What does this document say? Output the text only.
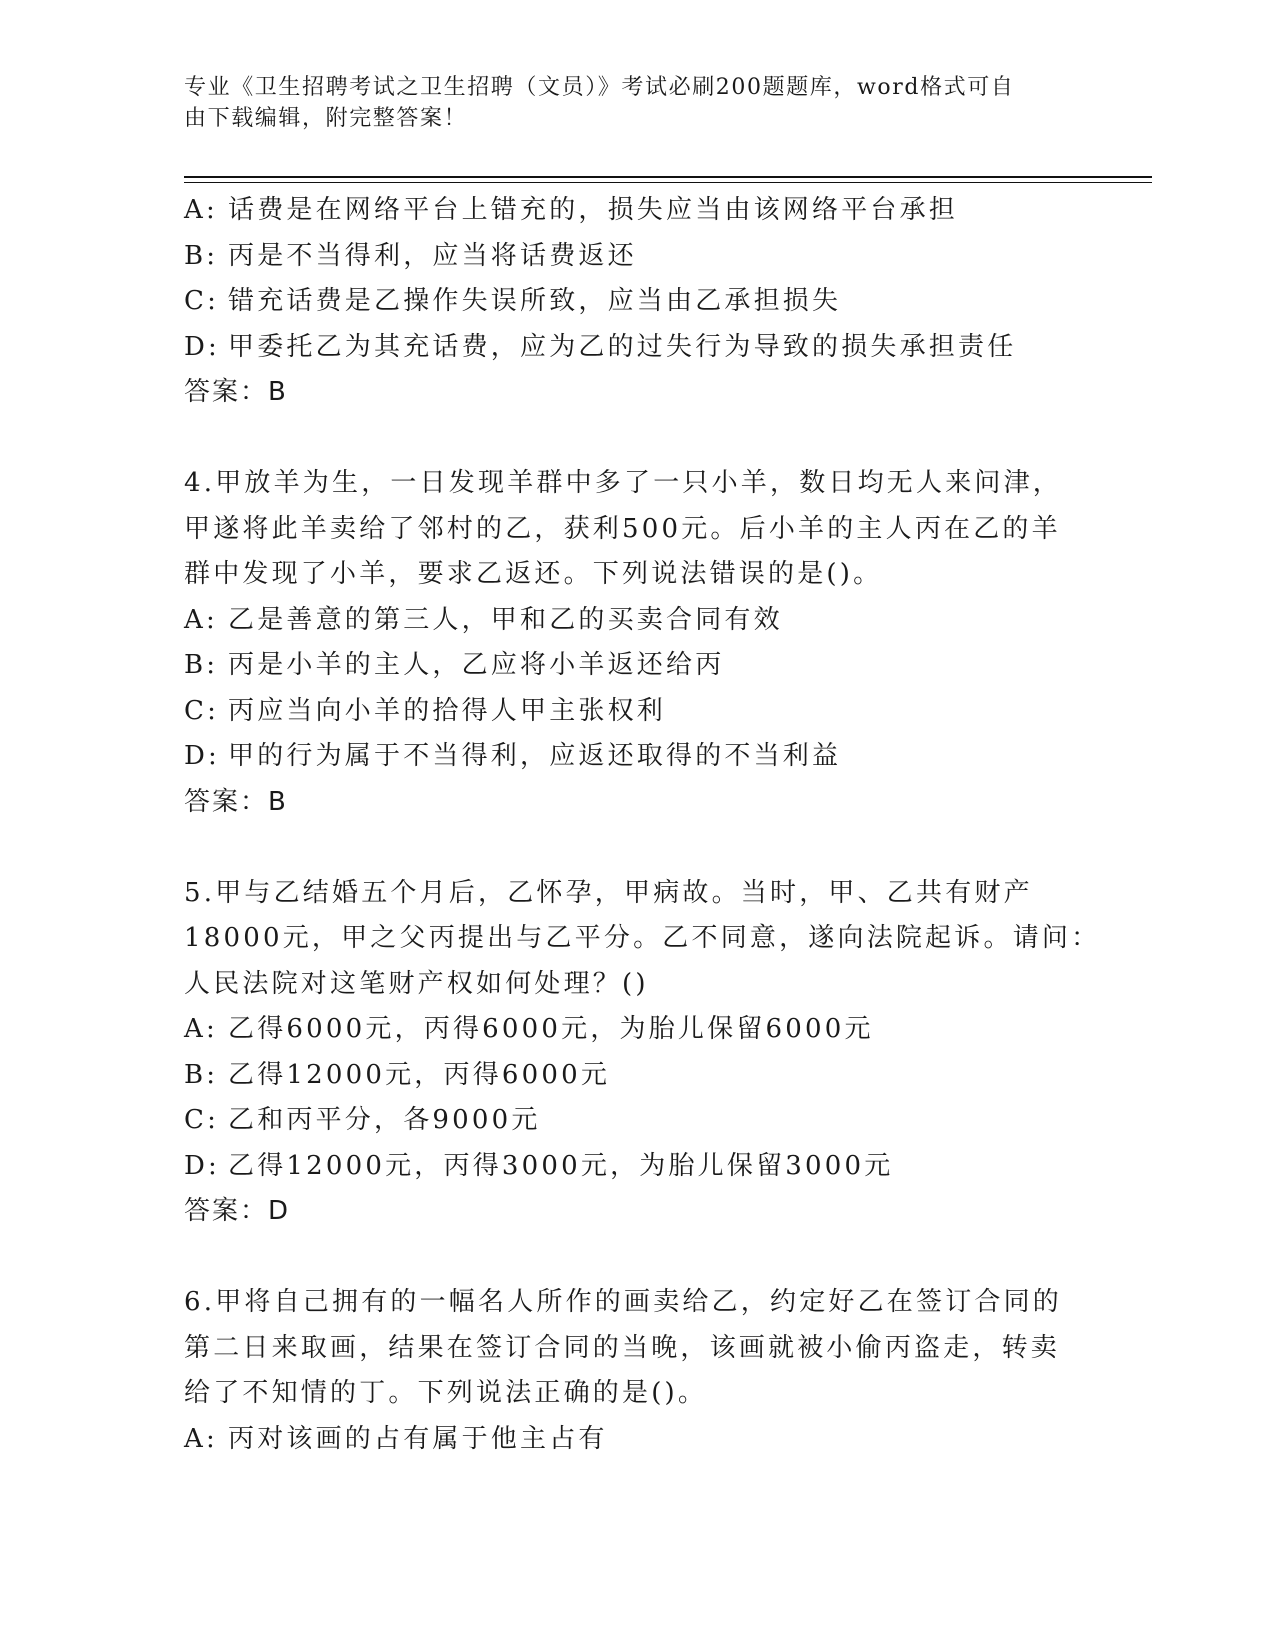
专业《卫生招聘考试之卫生招聘（文员）》考试必刷200题题库，word格式可自
由下载编辑，附完整答案！
A: 话费是在网络平台上错充的，损失应当由该网络平台承担
B: 丙是不当得利，应当将话费返还
C: 错充话费是乙操作失误所致，应当由乙承担损失
D: 甲委托乙为其充话费，应为乙的过失行为导致的损失承担责任
答案：B
4.甲放羊为生，一日发现羊群中多了一只小羊，数日均无人来问津，
甲遂将此羊卖给了邻村的乙，获利500元。后小羊的主人丙在乙的羊
群中发现了小羊，要求乙返还。下列说法错误的是()。
A: 乙是善意的第三人，甲和乙的买卖合同有效
B: 丙是小羊的主人，乙应将小羊返还给丙
C: 丙应当向小羊的拾得人甲主张权利
D: 甲的行为属于不当得利，应返还取得的不当利益
答案：B
5.甲与乙结婚五个月后，乙怀孕，甲病故。当时，甲、乙共有财产
18000元，甲之父丙提出与乙平分。乙不同意，遂向法院起诉。请问：
人民法院对这笔财产权如何处理？()
A: 乙得6000元，丙得6000元，为胎儿保留6000元
B: 乙得12000元，丙得6000元
C: 乙和丙平分，各9000元
D: 乙得12000元，丙得3000元，为胎儿保留3000元
答案：D
6.甲将自己拥有的一幅名人所作的画卖给乙，约定好乙在签订合同的
第二日来取画，结果在签订合同的当晚，该画就被小偷丙盗走，转卖
给了不知情的丁。下列说法正确的是()。
A: 丙对该画的占有属于他主占有
